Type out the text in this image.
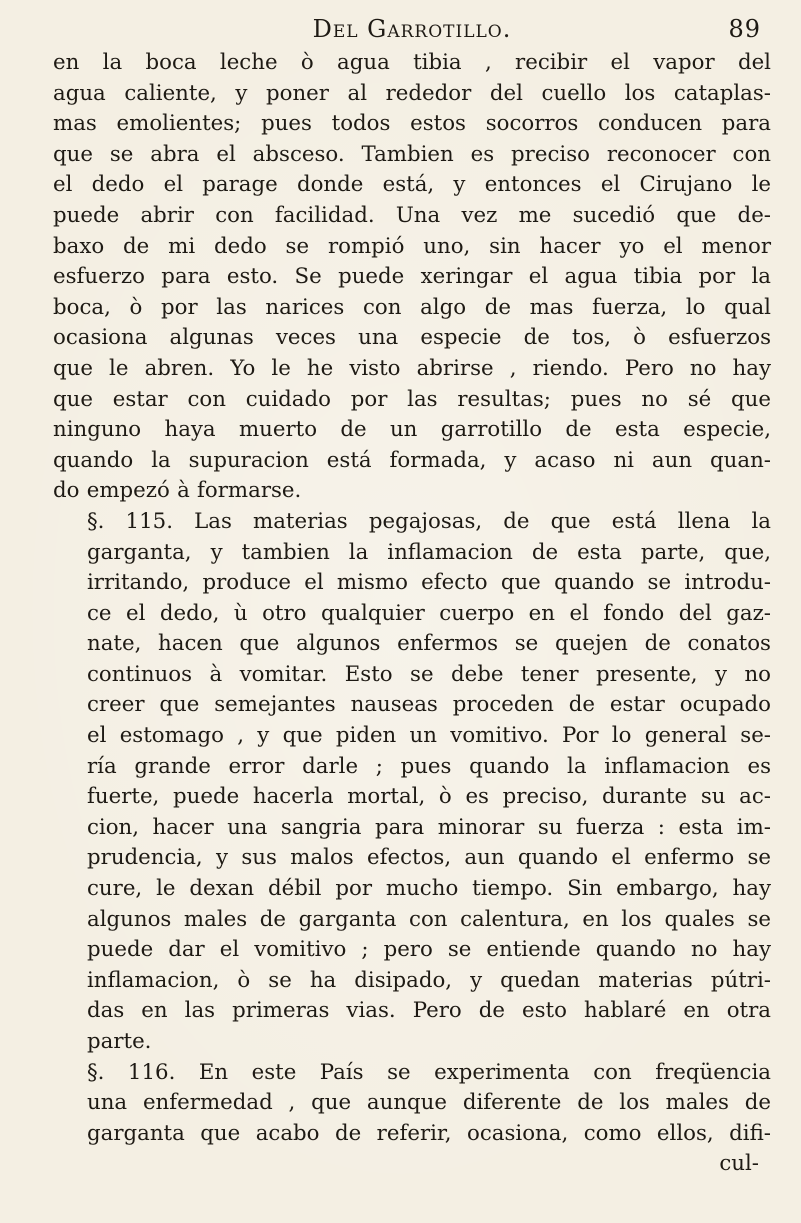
Del Garrotillo.	89

en la boca leche ò agua tibia , recibir el vapor del
agua caliente, y poner al rededor del cuello los cataplas-
mas emolientes; pues todos estos socorros conducen para
que se abra el absceso. Tambien es preciso reconocer con
el dedo el parage donde está, y entonces el Cirujano le
puede abrir con facilidad. Una vez me sucedió que de-
baxo de mi dedo se rompió uno, sin hacer yo el menor
esfuerzo para esto. Se puede xeringar el agua tibia por la
boca, ò por las narices con algo de mas fuerza, lo qual
ocasiona algunas veces una especie de tos, ò esfuerzos
que le abren. Yo le he visto abrirse , riendo. Pero no hay
que estar con cuidado por las resultas; pues no sé que
ninguno haya muerto de un garrotillo de esta especie,
quando la supuracion está formada, y acaso ni aun quan-
do empezó à formarse.

§. 115. Las materias pegajosas, de que está llena la
garganta, y tambien la inflamacion de esta parte, que,
irritando, produce el mismo efecto que quando se introdu-
ce el dedo, ù otro qualquier cuerpo en el fondo del gaz-
nate, hacen que algunos enfermos se quejen de conatos
continuos à vomitar. Esto se debe tener presente, y no
creer que semejantes nauseas proceden de estar ocupado
el estomago , y que piden un vomitivo. Por lo general se-
ría grande error darle ; pues quando la inflamacion es
fuerte, puede hacerla mortal, ò es preciso, durante su ac-
cion, hacer una sangria para minorar su fuerza : esta im-
prudencia, y sus malos efectos, aun quando el enfermo se
cure, le dexan débil por mucho tiempo. Sin embargo, hay
algunos males de garganta con calentura, en los quales se
puede dar el vomitivo ; pero se entiende quando no hay
inflamacion, ò se ha disipado, y quedan materias pútri-
das en las primeras vias. Pero de esto hablaré en otra
parte.

§. 116. En este País se experimenta con freqüencia
una enfermedad , que aunque diferente de los males de
garganta que acabo de referir, ocasiona, como ellos, difi-

cul-
